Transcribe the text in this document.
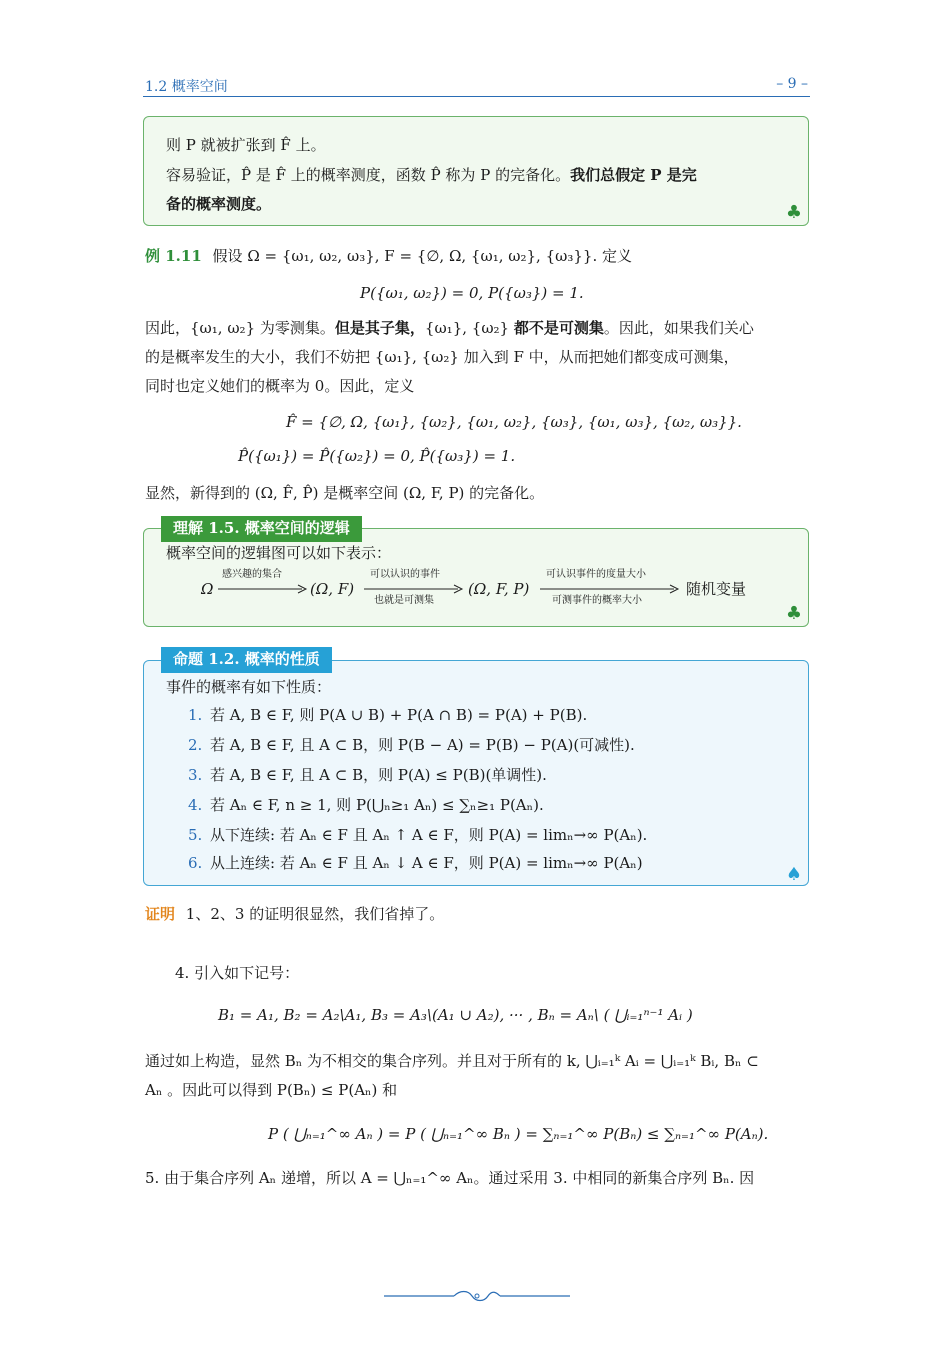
1.2 概率空间	– 9 –
则 P 就被扩张到 F̂ 上。
容易验证，P̂ 是 F̂ 上的概率测度，函数 P̂ 称为 P 的完备化。我们总假定 P 是完
备的概率测度。	♣
例 1.11 假设 Ω = {ω₁, ω₂, ω₃}, F = {∅, Ω, {ω₁, ω₂}, {ω₃}}. 定义
P({ω₁, ω₂}) = 0, P({ω₃}) = 1.
因此，{ω₁, ω₂} 为零测集。但是其子集，{ω₁}, {ω₂} 都不是可测集。因此，如果我们关心
的是概率发生的大小，我们不妨把 {ω₁}, {ω₂} 加入到 F 中，从而把她们都变成可测集，
同时也定义她们的概率为 0。因此，定义
F̂ = {∅, Ω, {ω₁}, {ω₂}, {ω₁, ω₂}, {ω₃}, {ω₁, ω₃}, {ω₂, ω₃}}.
P̂({ω₁}) = P̂({ω₂}) = 0, P̂({ω₃}) = 1.
显然，新得到的 (Ω, F̂, P̂) 是概率空间 (Ω, F, P) 的完备化。
概率空间的逻辑图可以如下表示：
Ω
感兴趣的集合
(Ω, F)
可以认识的事件
也就是可测集
(Ω, F, P)
可认识事件的度量大小
可测事件的概率大小
随机变量
♣
理解 1.5. 概率空间的逻辑
事件的概率有如下性质：
1. 若 A, B ∈ F, 则 P(A ∪ B) + P(A ∩ B) = P(A) + P(B).
2. 若 A, B ∈ F, 且 A ⊂ B，则 P(B − A) = P(B) − P(A)(可减性).
3. 若 A, B ∈ F, 且 A ⊂ B，则 P(A) ≤ P(B)(单调性).
4. 若 Aₙ ∈ F, n ≥ 1, 则 P(⋃ₙ≥₁ Aₙ) ≤ ∑ₙ≥₁ P(Aₙ).
5. 从下连续: 若 Aₙ ∈ F 且 Aₙ ↑ A ∈ F，则 P(A) = limₙ→∞ P(Aₙ).
6. 从上连续: 若 Aₙ ∈ F 且 Aₙ ↓ A ∈ F，则 P(A) = limₙ→∞ P(Aₙ)
♠
命题 1.2. 概率的性质
证明 1、2、3 的证明很显然，我们省掉了。
4. 引入如下记号：
B₁ = A₁, B₂ = A₂\A₁, B₃ = A₃\(A₁ ∪ A₂), ··· , Bₙ = Aₙ\ ( ⋃ᵢ₌₁ⁿ⁻¹ Aᵢ )
通过如上构造，显然 Bₙ 为不相交的集合序列。并且对于所有的 k, ⋃ᵢ₌₁ᵏ Aᵢ = ⋃ᵢ₌₁ᵏ Bᵢ, Bₙ ⊂
Aₙ 。因此可以得到 P(Bₙ) ≤ P(Aₙ) 和
P ( ⋃ₙ₌₁^∞ Aₙ ) = P ( ⋃ₙ₌₁^∞ Bₙ ) = ∑ₙ₌₁^∞ P(Bₙ) ≤ ∑ₙ₌₁^∞ P(Aₙ).
5. 由于集合序列 Aₙ 递增，所以 A = ⋃ₙ₌₁^∞ Aₙ。通过采用 3. 中相同的新集合序列 Bₙ. 因
